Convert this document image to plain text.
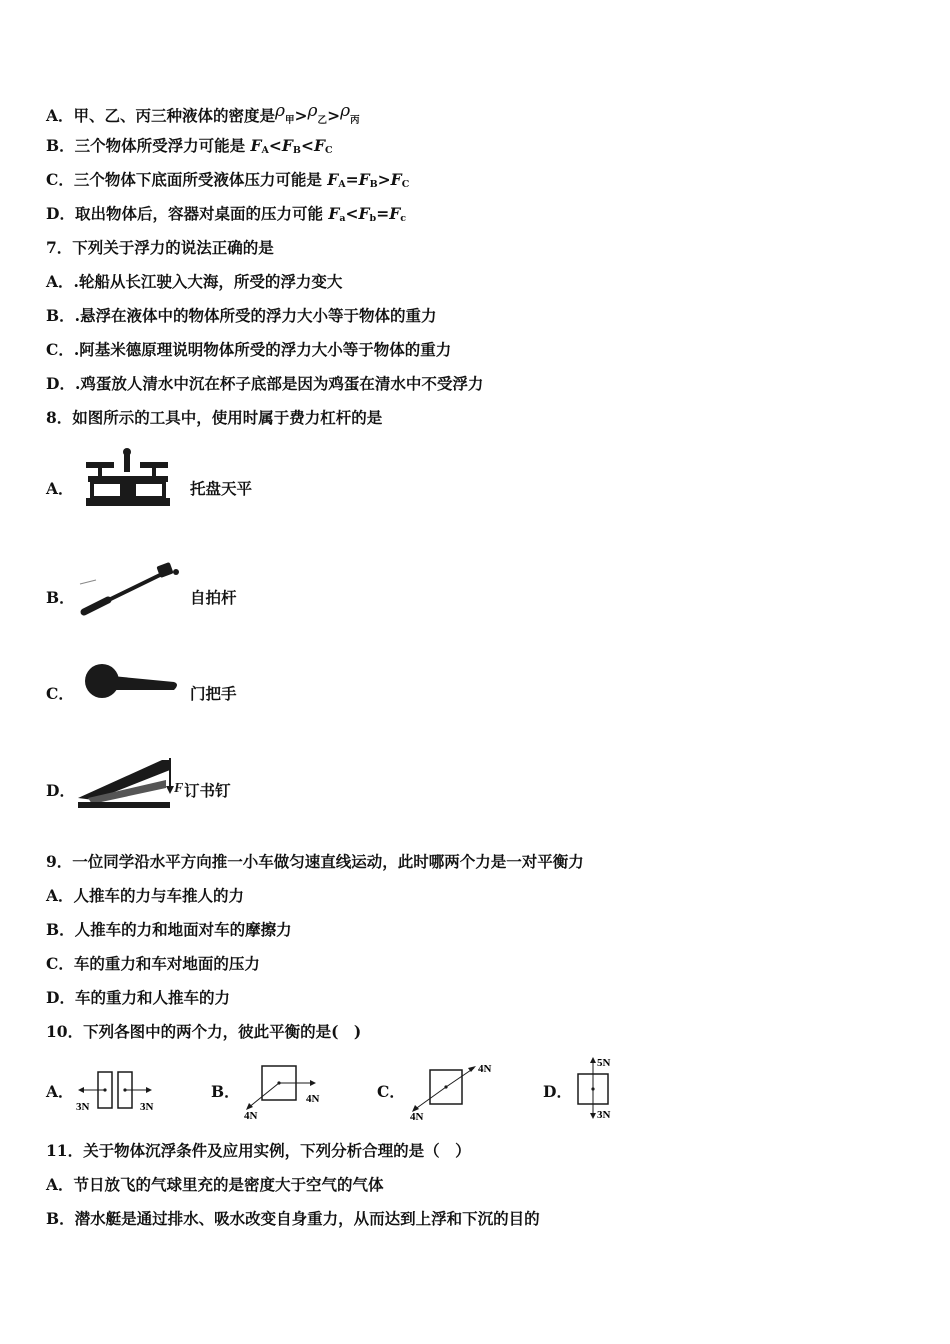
A．甲、乙、丙三种液体的密度是$\rho_甲>\rho_乙>\rho_丙$
B．三个物体所受浮力可能是 $F_A<F_B<F_C$
C．三个物体下底面所受液体压力可能是 $F_A=F_B>F_C$
D．取出物体后，容器对桌面的压力可能 $F_a<F_b=F_c$
7．下列关于浮力的说法正确的是
A．.轮船从长江驶入大海，所受的浮力变大
B．.悬浮在液体中的物体所受的浮力大小等于物体的重力
C．.阿基米德原理说明物体所受的浮力大小等于物体的重力
D．.鸡蛋放人清水中沉在杯子底部是因为鸡蛋在清水中不受浮力
8．如图所示的工具中，使用时属于费力杠杆的是
A．	托盘天平
B．	自拍杆
C．	门把手
D．	F 订书钉
9．一位同学沿水平方向推一小车做匀速直线运动，此时哪两个力是一对平衡力
A．人推车的力与车推人的力
B．人推车的力和地面对车的摩擦力
C．车的重力和车对地面的压力
D．车的重力和人推车的力
10．下列各图中的两个力，彼此平衡的是(　)
A．
3N	3N
B．	4N
4N
C．
4N
4N
D．
5N
3N
11．关于物体沉浮条件及应用实例，下列分析合理的是（　）
A．节日放飞的气球里充的是密度大于空气的气体
B．潜水艇是通过排水、吸水改变自身重力，从而达到上浮和下沉的目的
